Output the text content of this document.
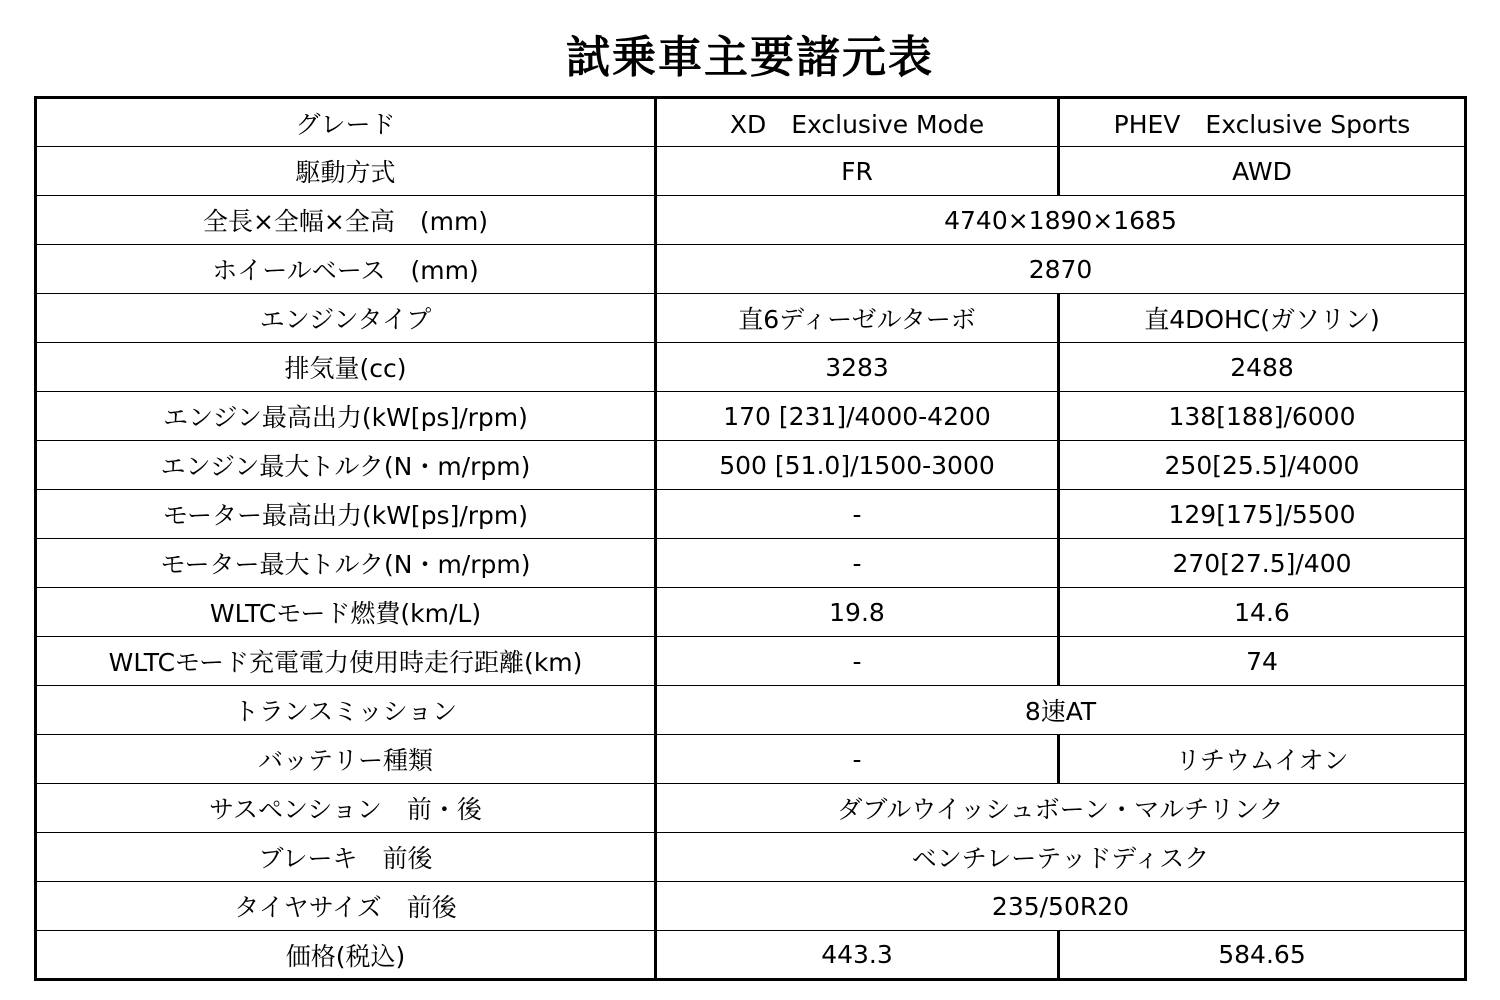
試乗車主要諸元表
グレード	XD　Exclusive Mode	PHEV　Exclusive Sports
駆動方式	FR	AWD
全長×全幅×全高　(mm)	4740×1890×1685	
ホイールベース　(mm)	2870	
エンジンタイプ	直6ディーゼルターボ	直4DOHC(ガソリン)
排気量(cc)	3283	2488
エンジン最高出力(kW[ps]/rpm)	170 [231]/4000-4200	138[188]/6000
エンジン最大トルク(N・m/rpm)	500 [51.0]/1500-3000	250[25.5]/4000
モーター最高出力(kW[ps]/rpm)	-	129[175]/5500
モーター最大トルク(N・m/rpm)	-	270[27.5]/400
WLTCモード燃費(km/L)	19.8	14.6
WLTCモード充電電力使用時走行距離(km)	-	74
トランスミッション	8速AT	
バッテリー種類	-	リチウムイオン
サスペンション　前・後	ダブルウイッシュボーン・マルチリンク	
ブレーキ　前後	ベンチレーテッドディスク	
タイヤサイズ　前後	235/50R20	
価格(税込)	443.3	584.65
